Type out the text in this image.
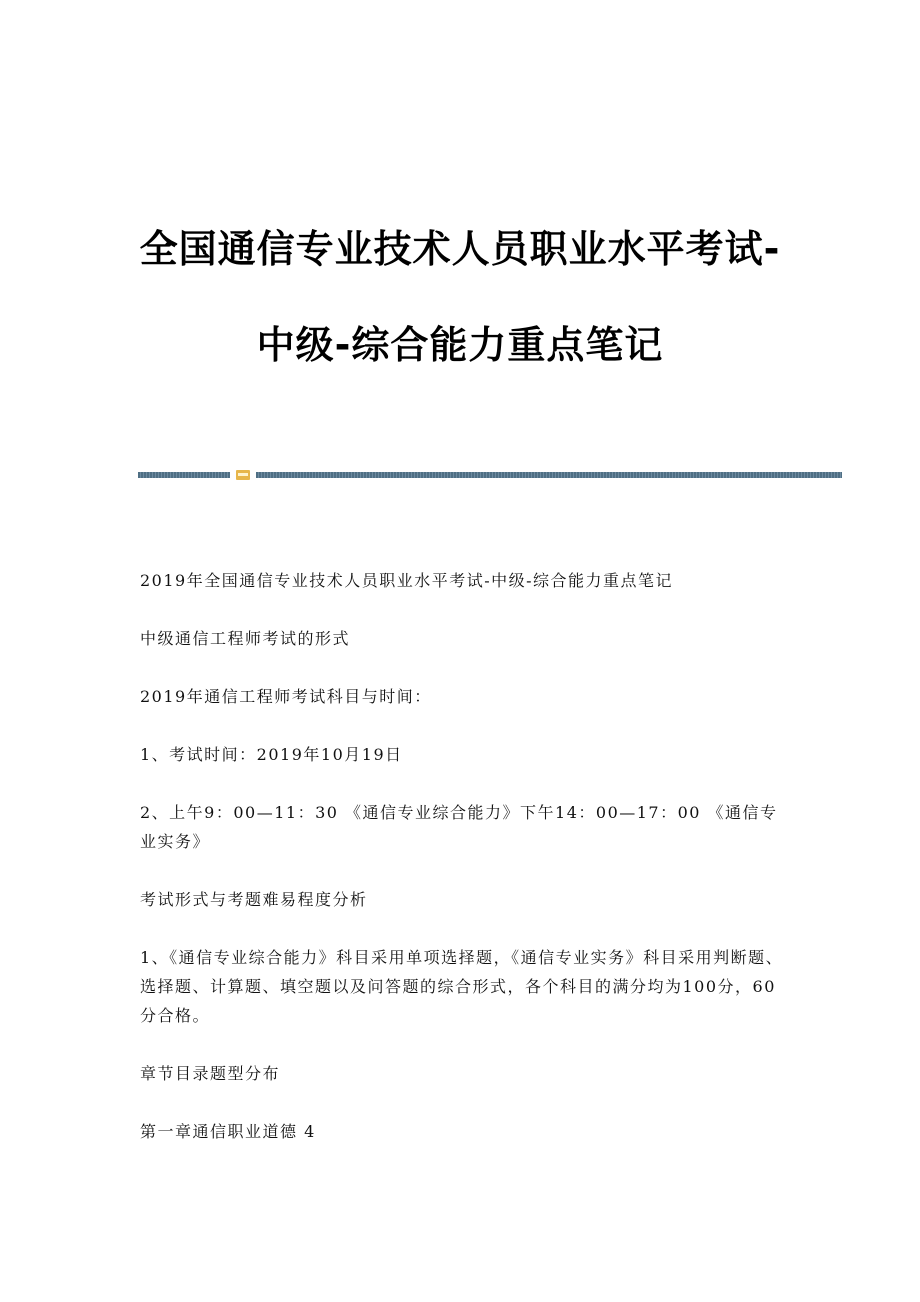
全国通信专业技术人员职业水平考试-
中级-综合能力重点笔记

2019年全国通信专业技术人员职业水平考试-中级-综合能力重点笔记

中级通信工程师考试的形式

2019年通信工程师考试科目与时间：

1、考试时间：2019年10月19日

2、上午9：00—11：30 《通信专业综合能力》下午14：00—17：00 《通信专业实务》

考试形式与考题难易程度分析

1、《通信专业综合能力》科目采用单项选择题，《通信专业实务》科目采用判断题、选择题、计算题、填空题以及问答题的综合形式，各个科目的满分均为100分，60分合格。

章节目录题型分布

第一章通信职业道德 4
